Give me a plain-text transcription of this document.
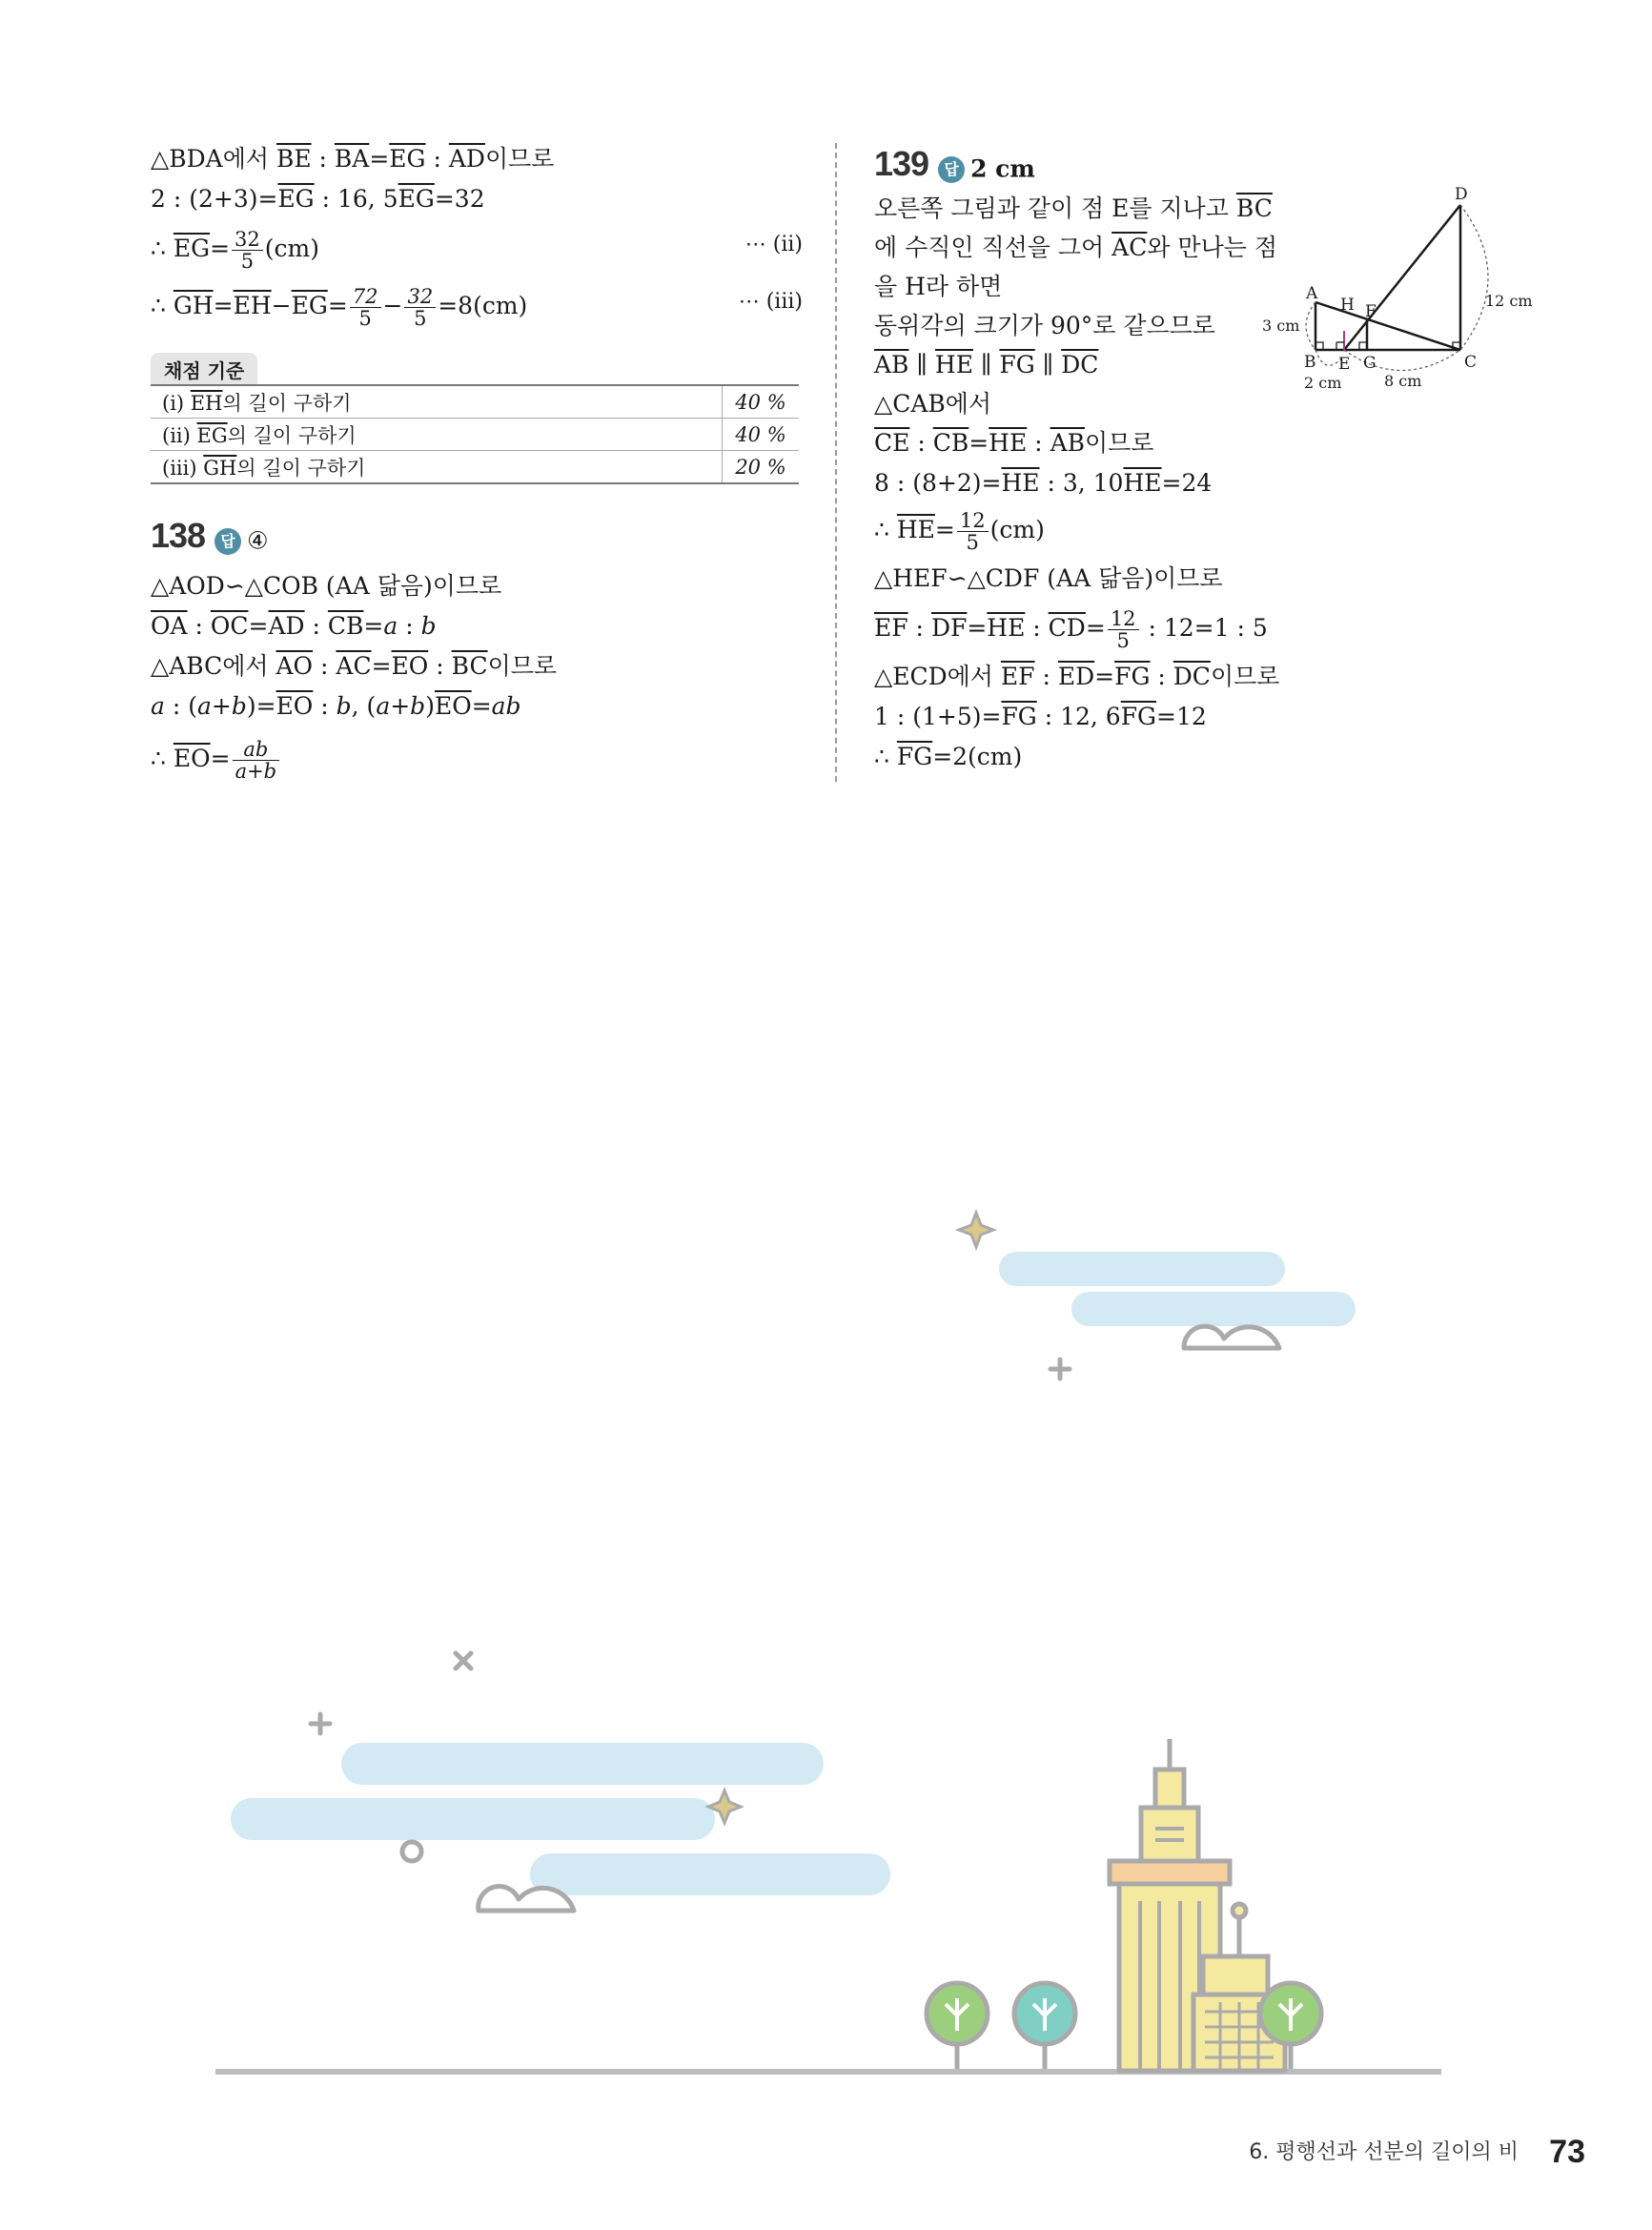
△BDA에서 $\overline{BE}$ : $\overline{BA}=\overline{EG}$ : $\overline{AD}$이므로
2 : $(2+3)=\overline{EG}$ : 16, $5\overline{EG}=32$
∴ $\overline{EG}= \frac{32}{5} (cm)$	⋯ (ii)
∴ $\overline{GH}=\overline{EH}-\overline{EG}= \frac{72}{5} - \frac{32}{5} =8(cm)$	⋯ (iii)
채점 기준
(i) $\overline{EH}$의 길이 구하기	40 %
(ii) $\overline{EG}$의 길이 구하기	40 %
(iii) $\overline{GH}$의 길이 구하기	20 %
138 답 ④
△AOD∽△COB (AA 닮음)이므로
$\overline{OA}$ : $\overline{OC}=\overline{AD}$ : $\overline{CB}=a$ : b
△ABC에서 $\overline{AO}$ : $\overline{AC}=\overline{EO}$ : $\overline{BC}$이므로
a : $(a+b)=\overline{EO}$ : b, $(a+b)\overline{EO}=ab$
∴ $\overline{EO}= \frac{ab}{a+b}$
139 답 2 cm
오른쪽 그림과 같이 점 E를 지나고 $\overline{BC}$
에 수직인 직선을 그어 $\overline{AC}$와 만나는 점
을 H라 하면
동위각의 크기가 90°로 같으므로
$\overline{AB}$ ∥ $\overline{HE}$ ∥ $\overline{FG}$ ∥ $\overline{DC}$
△CAB에서
$\overline{CE}$ : $\overline{CB}=\overline{HE}$ : $\overline{AB}$이므로
8 : $(8+2)=\overline{HE}$ : 3, $10\overline{HE}=24$
∴ $\overline{HE}= \frac{12}{5} (cm)$
△HEF∽△CDF (AA 닮음)이므로
$\overline{EF}$ : $\overline{DF}=\overline{HE}$ : $\overline{CD}= \frac{12}{5}$ : 12=1 : 5
△ECD에서 $\overline{EF}$ : $\overline{ED}=\overline{FG}$ : $\overline{DC}$이므로
1 : $(1+5)=\overline{FG}$ : 12, $6\overline{FG}=12$
∴ $\overline{FG}=2(cm)$
D
A
B	C
E
F
G
H
3 cm
2 cm	8 cm
12 cm
6. 평행선과 선분의 길이의 비 73
